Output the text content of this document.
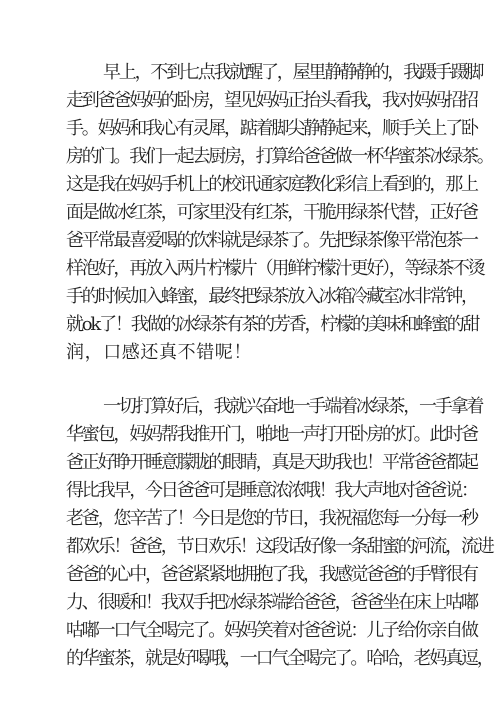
早上，不到七点我就醒了，屋里静静静的，我蹑手蹑脚
走到爸爸妈妈的卧房，望见妈妈正抬头看我，我对妈妈招招
手。妈妈和我心有灵犀，踮着脚尖静静起来，顺手关上了卧
房的门。我们一起去厨房，打算给爸爸做一杯华蜜茶冰绿茶。
这是我在妈妈手机上的校讯通家庭教化彩信上看到的，那上
面是做冰红茶，可家里没有红茶，干脆用绿茶代替，正好爸
爸平常最喜爱喝的饮料就是绿茶了。先把绿茶像平常泡茶一
样泡好，再放入两片柠檬片（用鲜柠檬汁更好），等绿茶不烫
手的时候加入蜂蜜，最终把绿茶放入冰箱冷藏室冰非常钟，
就ok了！我做的冰绿茶有茶的芳香，柠檬的美味和蜂蜜的甜
润，口感还真不错呢！
一切打算好后，我就兴奋地一手端着冰绿茶，一手拿着
华蜜包，妈妈帮我推开门，啪地一声打开卧房的灯。此时爸
爸正好睁开睡意朦胧的眼睛，真是天助我也！平常爸爸都起
得比我早，今日爸爸可是睡意浓浓哦！我大声地对爸爸说：
老爸，您辛苦了！今日是您的节日，我祝福您每一分每一秒
都欢乐！爸爸，节日欢乐！这段话好像一条甜蜜的河流，流进
爸爸的心中，爸爸紧紧地拥抱了我，我感觉爸爸的手臂很有
力、很暖和！我双手把冰绿茶端给爸爸，爸爸坐在床上咕嘟
咕嘟一口气全喝完了。妈妈笑着对爸爸说：儿子给你亲自做
的华蜜茶，就是好喝哦，一口气全喝完了。哈哈，老妈真逗，
